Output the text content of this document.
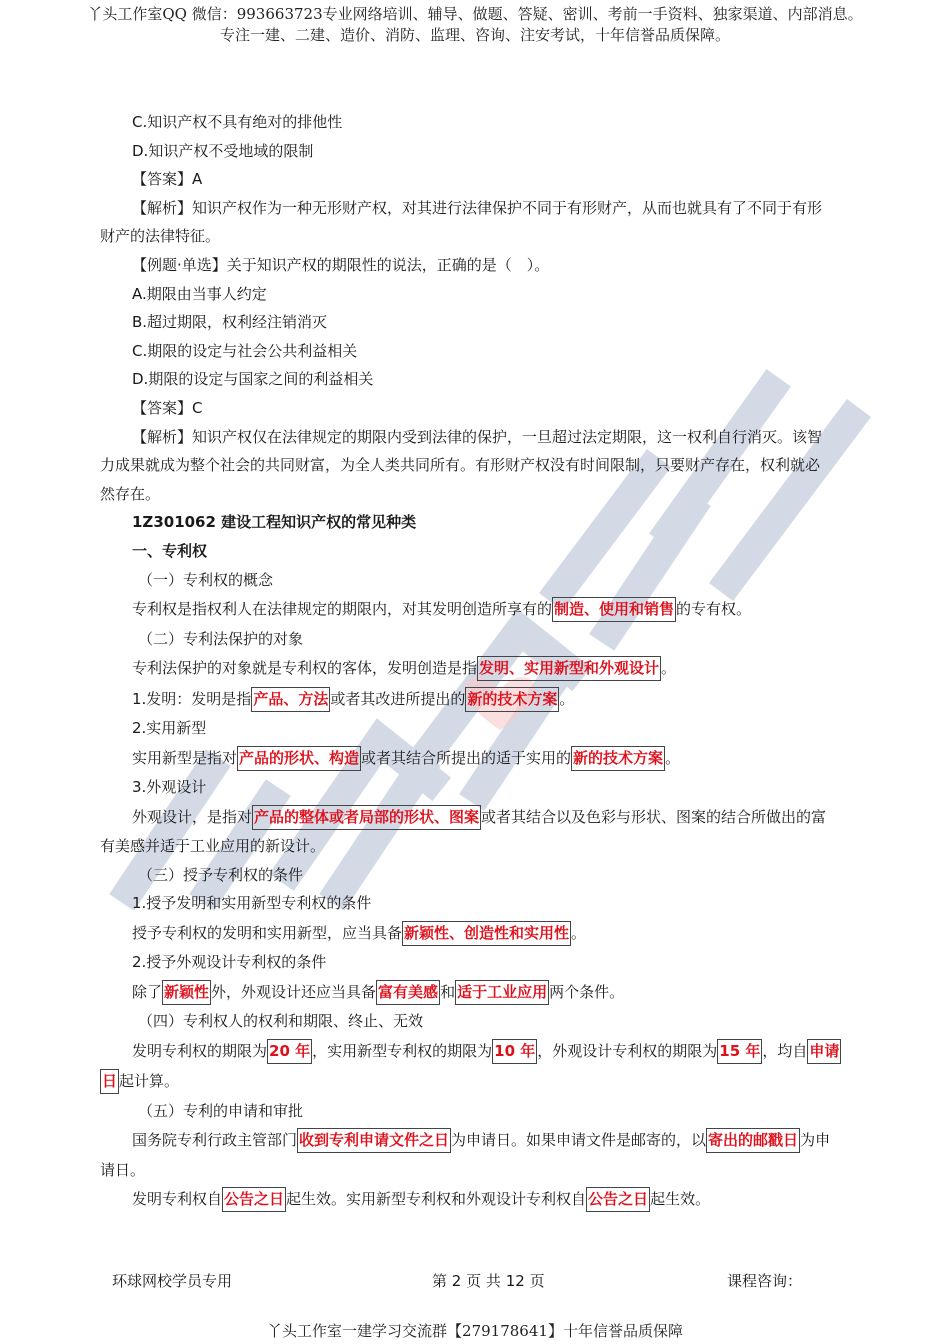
丫头工作室QQ 微信：993663723专业网络培训、辅导、做题、答疑、密训、考前一手资料、独家渠道、内部消息。
专注一建、二建、造价、消防、监理、咨询、注安考试，十年信誉品质保障。

C.知识产权不具有绝对的排他性

D.知识产权不受地域的限制

【答案】A

【解析】知识产权作为一种无形财产权，对其进行法律保护不同于有形财产，从而也就具有了不同于有形

财产的法律特征。

【例题·单选】关于知识产权的期限性的说法，正确的是（　）。

A.期限由当事人约定

B.超过期限，权利经注销消灭

C.期限的设定与社会公共利益相关

D.期限的设定与国家之间的利益相关

【答案】C

【解析】知识产权仅在法律规定的期限内受到法律的保护，一旦超过法定期限，这一权利自行消灭。该智

力成果就成为整个社会的共同财富，为全人类共同所有。有形财产权没有时间限制，只要财产存在，权利就必

然存在。

1Z301062 建设工程知识产权的常见种类

一、专利权

（一）专利权的概念

专利权是指权利人在法律规定的期限内，对其发明创造所享有的 制造、使用和销售 的专有权。

（二）专利法保护的对象

专利法保护的对象就是专利权的客体，发明创造是指 发明、实用新型和外观设计 。

1.发明：发明是指 产品、方法 或者其改进所提出的 新的技术方案 。

2.实用新型

实用新型是指对 产品的形状、构造 或者其结合所提出的适于实用的 新的技术方案 。

3.外观设计

外观设计，是指对 产品的整体或者局部的形状、图案 或者其结合以及色彩与形状、图案的结合所做出的富

有美感并适于工业应用的新设计。

（三）授予专利权的条件

1.授予发明和实用新型专利权的条件

授予专利权的发明和实用新型，应当具备 新颖性、创造性和实用性 。

2.授予外观设计专利权的条件

除了 新颖性 外，外观设计还应当具备 富有美感 和 适于工业应用 两个条件。

（四）专利权人的权利和期限、终止、无效

发明专利权的期限为 20 年 ，实用新型专利权的期限为 10 年 ，外观设计专利权的期限为 15 年 ，均自 申请

日 起计算。

（五）专利的申请和审批

国务院专利行政主管部门 收到专利申请文件之日 为申请日。如果申请文件是邮寄的，以 寄出的邮戳日 为申

请日。

发明专利权自 公告之日 起生效。实用新型专利权和外观设计专利权自 公告之日 起生效。

环球网校学员专用	第 2 页 共 12 页	课程咨询：
丫头工作室一建学习交流群【279178641】十年信誉品质保障
